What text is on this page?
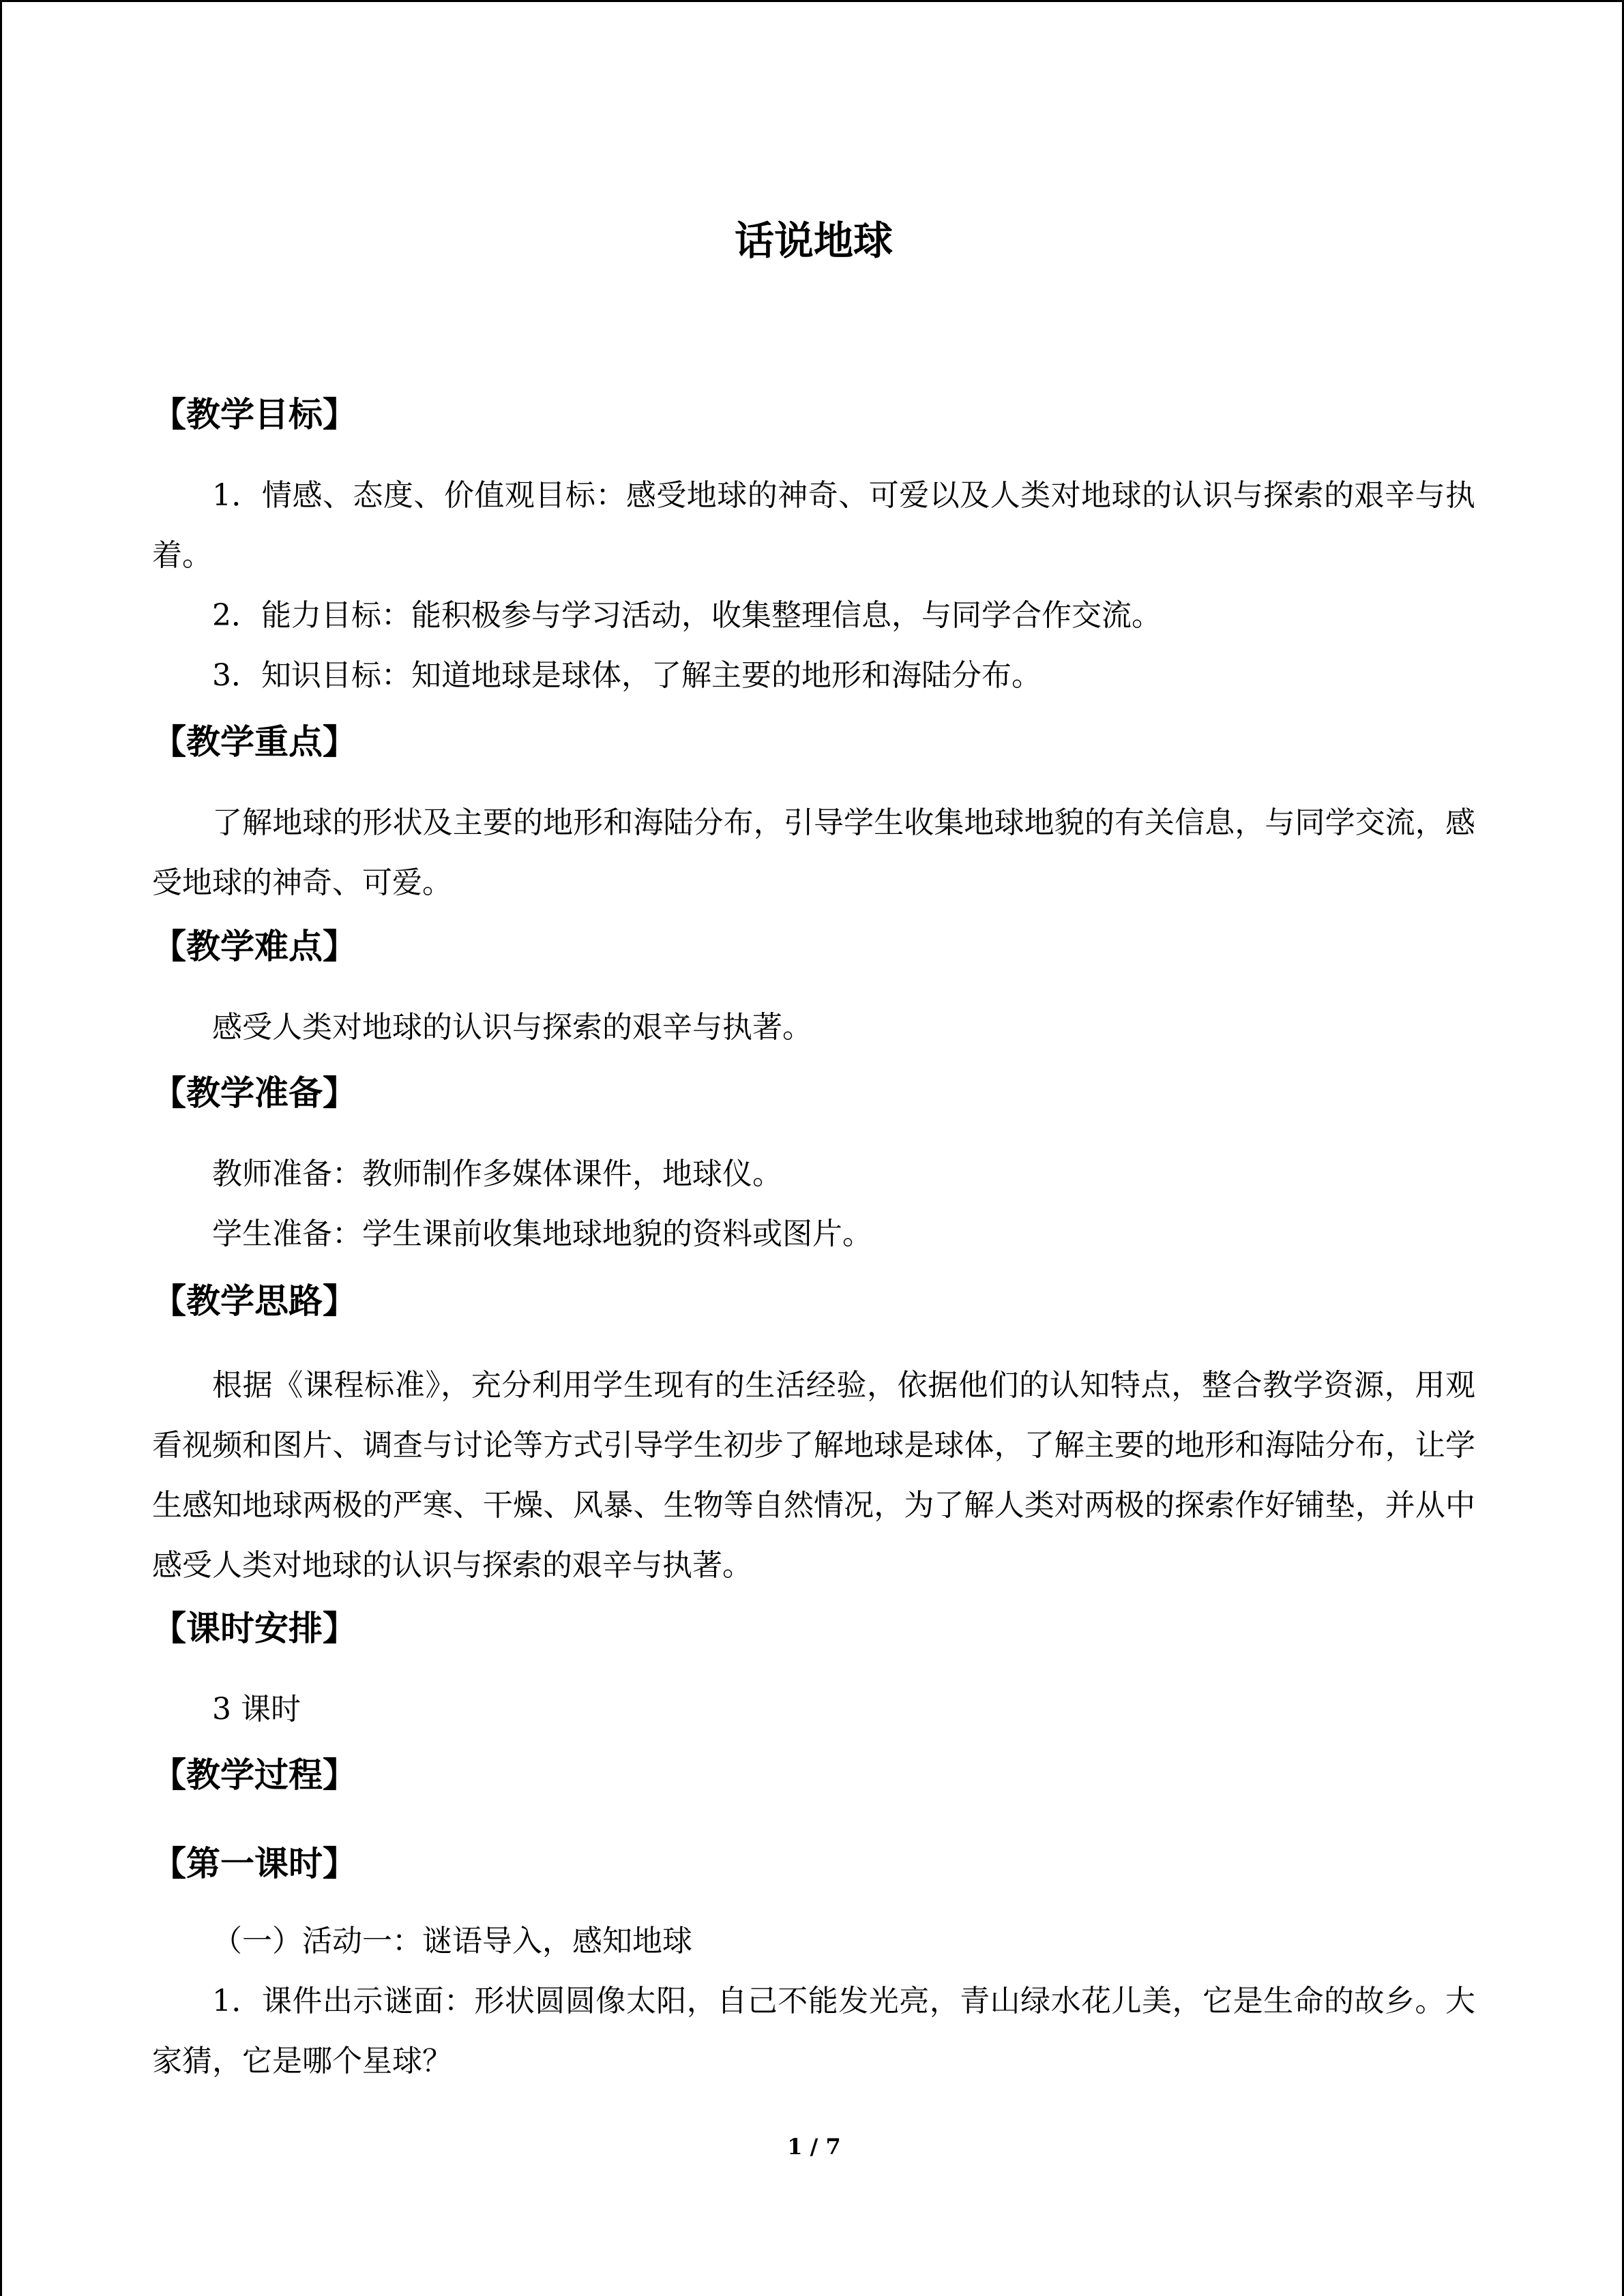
话说地球
【教学目标】

1．情感、态度、价值观目标：感受地球的神奇、可爱以及人类对地球的认识与探索的艰辛与执着。

2．能力目标：能积极参与学习活动，收集整理信息，与同学合作交流。

3．知识目标：知道地球是球体，了解主要的地形和海陆分布。

【教学重点】

了解地球的形状及主要的地形和海陆分布，引导学生收集地球地貌的有关信息，与同学交流，感受地球的神奇、可爱。

【教学难点】

感受人类对地球的认识与探索的艰辛与执著。

【教学准备】

教师准备：教师制作多媒体课件，地球仪。

学生准备：学生课前收集地球地貌的资料或图片。

【教学思路】

根据《课程标准》，充分利用学生现有的生活经验，依据他们的认知特点，整合教学资源，用观看视频和图片、调查与讨论等方式引导学生初步了解地球是球体，了解主要的地形和海陆分布，让学生感知地球两极的严寒、干燥、风暴、生物等自然情况，为了解人类对两极的探索作好铺垫，并从中感受人类对地球的认识与探索的艰辛与执著。

【课时安排】

3 课时

【教学过程】
【第一课时】

（一）活动一：谜语导入，感知地球

1．课件出示谜面：形状圆圆像太阳，自己不能发光亮，青山绿水花儿美，它是生命的故乡。大家猜，它是哪个星球？

1 / 7
